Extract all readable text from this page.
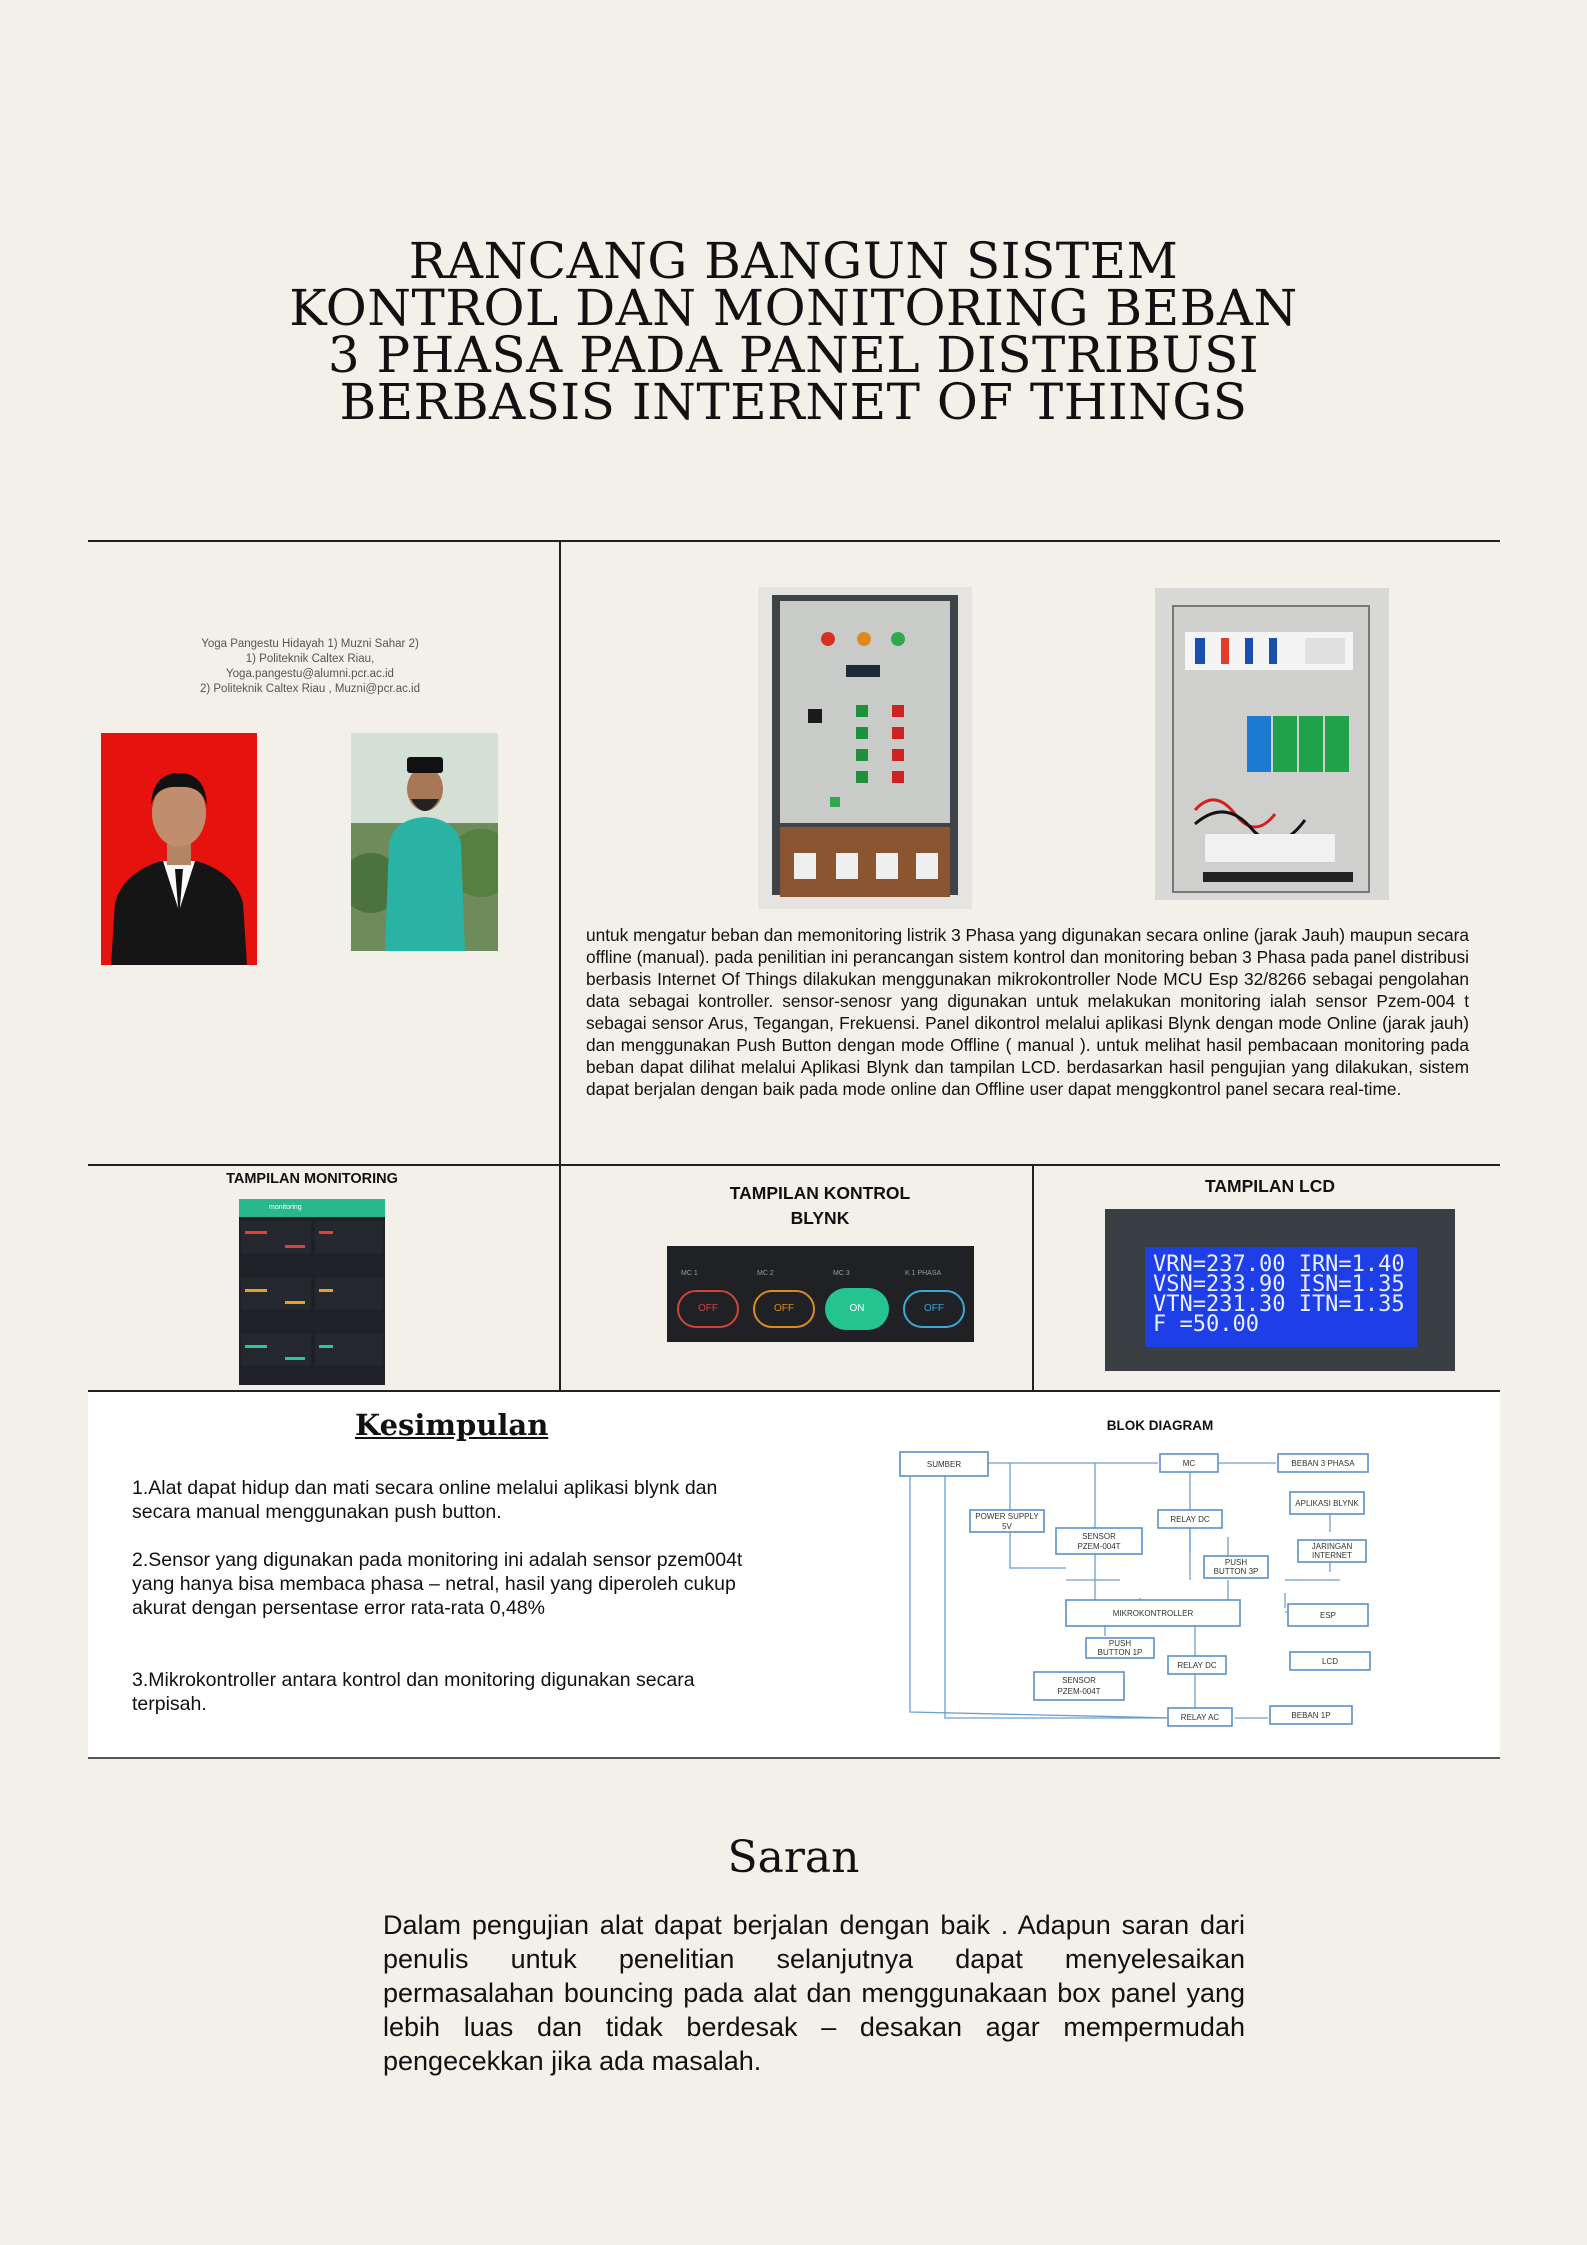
RANCANG BANGUN SISTEM
KONTROL DAN MONITORING BEBAN
3 PHASA PADA PANEL DISTRIBUSI
BERBASIS INTERNET OF THINGS
Yoga Pangestu Hidayah 1) Muzni Sahar 2)
1) Politeknik Caltex Riau,
Yoga.pangestu@alumni.pcr.ac.id
2) Politeknik Caltex Riau , Muzni@pcr.ac.id
untuk mengatur beban dan memonitoring listrik 3 Phasa yang digunakan secara online (jarak Jauh) maupun secara offline (manual). pada penilitian ini perancangan sistem kontrol dan monitoring beban 3 Phasa pada panel distribusi berbasis Internet Of Things dilakukan menggunakan mikrokontroller Node MCU Esp 32/8266 sebagai pengolahan data sebagai kontroller. sensor-senosr yang digunakan untuk melakukan monitoring ialah sensor Pzem-004 t sebagai sensor Arus, Tegangan, Frekuensi. Panel dikontrol melalui aplikasi Blynk dengan mode Online (jarak jauh) dan menggunakan Push Button dengan mode Offline ( manual ). untuk melihat hasil pembacaan monitoring pada beban dapat dilihat melalui Aplikasi Blynk dan tampilan LCD. berdasarkan hasil pengujian yang dilakukan, sistem dapat berjalan dengan baik pada mode online dan Offline user dapat menggkontrol panel secara real-time.
TAMPILAN MONITORING
TAMPILAN KONTROL
BLYNK
TAMPILAN LCD
monitoring
MC 1
OFF
MC 2
OFF
MC 3
ON
K 1 PHASA
OFF
VRN=237.00 IRN=1.40
VSN=233.90 ISN=1.35
VTN=231.30 ITN=1.35
F =50.00
Kesimpulan
1.Alat dapat hidup dan mati secara online melalui aplikasi blynk dan secara manual menggunakan push button.
2.Sensor yang digunakan pada monitoring ini adalah sensor pzem004t yang hanya bisa membaca phasa – netral, hasil yang diperoleh cukup akurat dengan persentase error rata-rata 0,48%
3.Mikrokontroller antara kontrol dan monitoring digunakan secara terpisah.
BLOK DIAGRAM
SUMBER	MC	BEBAN 3 PHASA
POWER SUPPLY
5V
SENSOR
PZEM-004T
RELAY DC
APLIKASI BLYNK
PUSH
BUTTON 3P
JARINGAN
INTERNET
MIKROKONTROLLER	ESP
PUSH
BUTTON 1P
RELAY DC	LCD
SENSOR
PZEM-004T
RELAY AC	BEBAN 1P
Saran
Dalam pengujian alat dapat berjalan dengan baik . Adapun saran dari penulis untuk penelitian selanjutnya dapat menyelesaikan permasalahan bouncing pada alat dan menggunakaan box panel yang lebih luas dan tidak berdesak – desakan agar mempermudah pengecekkan jika ada masalah.
